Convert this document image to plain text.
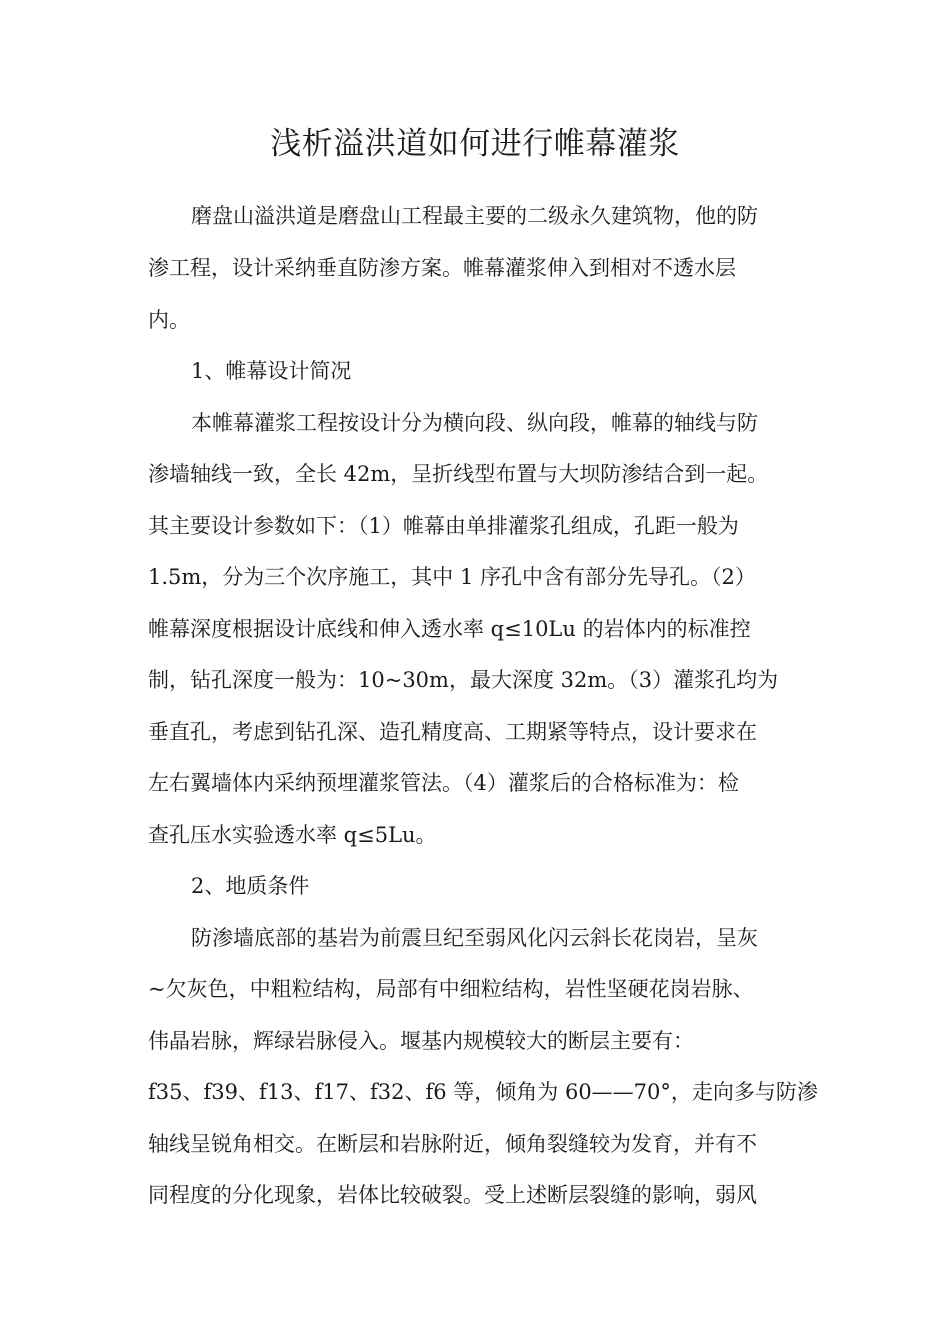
浅析溢洪道如何进行帷幕灌浆

磨盘山溢洪道是磨盘山工程最主要的二级永久建筑物，他的防

渗工程，设计采纳垂直防渗方案。帷幕灌浆伸入到相对不透水层

内。

1、帷幕设计简况

本帷幕灌浆工程按设计分为横向段、纵向段，帷幕的轴线与防

渗墙轴线一致，全长 42m，呈折线型布置与大坝防渗结合到一起。

其主要设计参数如下：（1）帷幕由单排灌浆孔组成，孔距一般为

1.5m，分为三个次序施工，其中 1 序孔中含有部分先导孔。（2）

帷幕深度根据设计底线和伸入透水率 q≤10Lu 的岩体内的标准控

制，钻孔深度一般为：10~30m，最大深度 32m。（3）灌浆孔均为

垂直孔，考虑到钻孔深、造孔精度高、工期紧等特点，设计要求在

左右翼墙体内采纳预埋灌浆管法。（4）灌浆后的合格标准为：检

查孔压水实验透水率 q≤5Lu。

2、地质条件

防渗墙底部的基岩为前震旦纪至弱风化闪云斜长花岗岩，呈灰

~欠灰色，中粗粒结构，局部有中细粒结构，岩性坚硬花岗岩脉、

伟晶岩脉，辉绿岩脉侵入。堰基内规模较大的断层主要有：

f35、f39、f13、f17、f32、f6 等，倾角为 60——70°，走向多与防渗

轴线呈锐角相交。在断层和岩脉附近，倾角裂缝较为发育，并有不

同程度的分化现象，岩体比较破裂。受上述断层裂缝的影响，弱风
